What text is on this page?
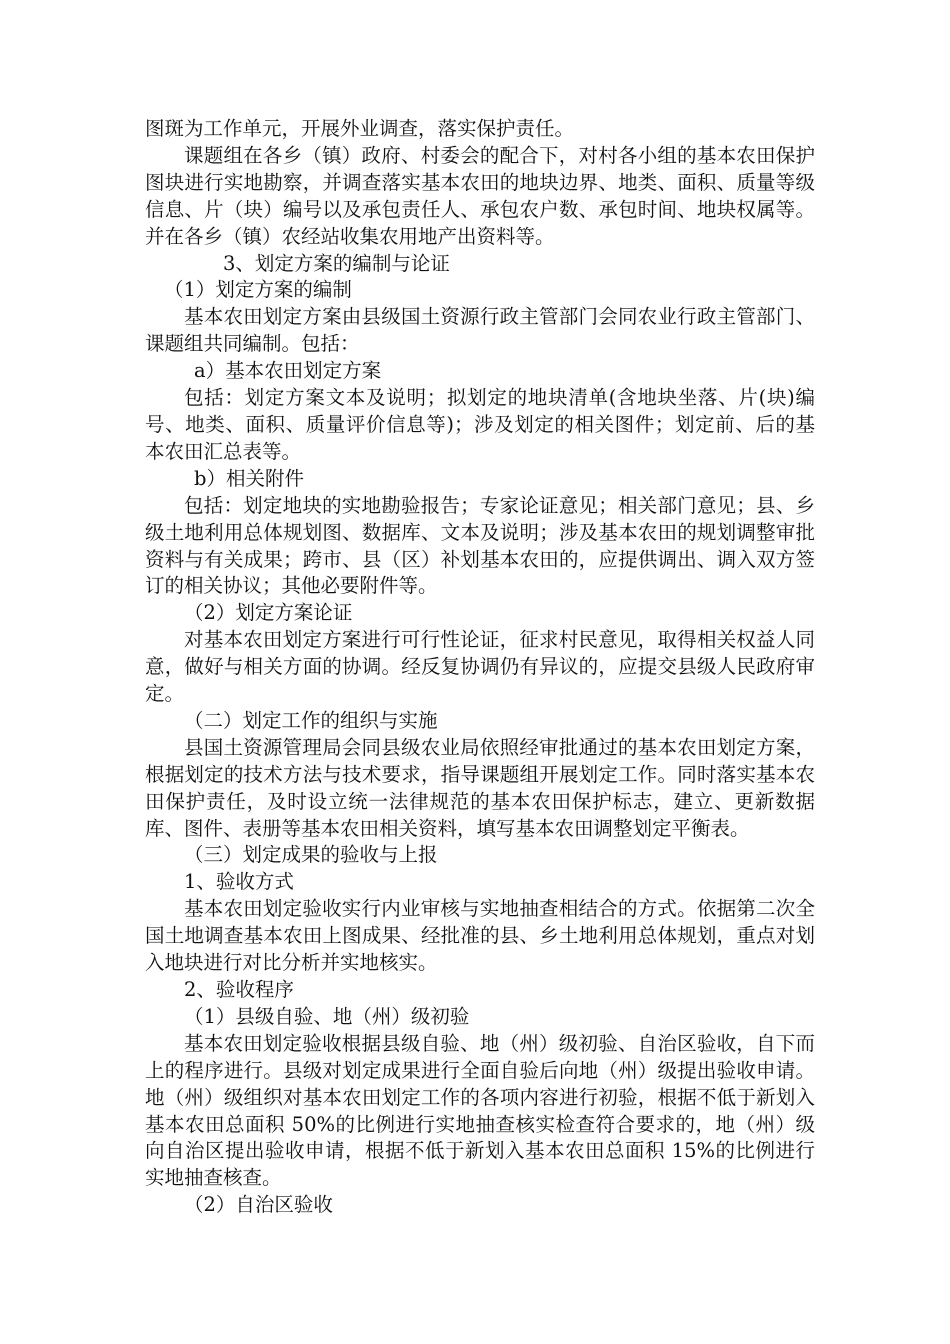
图斑为工作单元，开展外业调查，落实保护责任。

课题组在各乡（镇）政府、村委会的配合下，对村各小组的基本农田保护图块进行实地勘察，并调查落实基本农田的地块边界、地类、面积、质量等级信息、片（块）编号以及承包责任人、承包农户数、承包时间、地块权属等。并在各乡（镇）农经站收集农用地产出资料等。

3、划定方案的编制与论证

（1）划定方案的编制

基本农田划定方案由县级国土资源行政主管部门会同农业行政主管部门、课题组共同编制。包括：

a）基本农田划定方案

包括：划定方案文本及说明；拟划定的地块清单(含地块坐落、片(块)编号、地类、面积、质量评价信息等)；涉及划定的相关图件；划定前、后的基本农田汇总表等。

b）相关附件

包括：划定地块的实地勘验报告；专家论证意见；相关部门意见；县、乡级土地利用总体规划图、数据库、文本及说明；涉及基本农田的规划调整审批资料与有关成果；跨市、县（区）补划基本农田的，应提供调出、调入双方签订的相关协议；其他必要附件等。

（2）划定方案论证

对基本农田划定方案进行可行性论证，征求村民意见，取得相关权益人同意，做好与相关方面的协调。经反复协调仍有异议的，应提交县级人民政府审定。

（二）划定工作的组织与实施

县国土资源管理局会同县级农业局依照经审批通过的基本农田划定方案，根据划定的技术方法与技术要求，指导课题组开展划定工作。同时落实基本农田保护责任，及时设立统一法律规范的基本农田保护标志，建立、更新数据库、图件、表册等基本农田相关资料，填写基本农田调整划定平衡表。

（三）划定成果的验收与上报

1、验收方式

基本农田划定验收实行内业审核与实地抽查相结合的方式。依据第二次全国土地调查基本农田上图成果、经批准的县、乡土地利用总体规划，重点对划入地块进行对比分析并实地核实。

2、验收程序

（1）县级自验、地（州）级初验

基本农田划定验收根据县级自验、地（州）级初验、自治区验收，自下而上的程序进行。县级对划定成果进行全面自验后向地（州）级提出验收申请。地（州）级组织对基本农田划定工作的各项内容进行初验，根据不低于新划入基本农田总面积 50%的比例进行实地抽查核实检查符合要求的，地（州）级向自治区提出验收申请，根据不低于新划入基本农田总面积 15%的比例进行实地抽查核查。

（2）自治区验收
